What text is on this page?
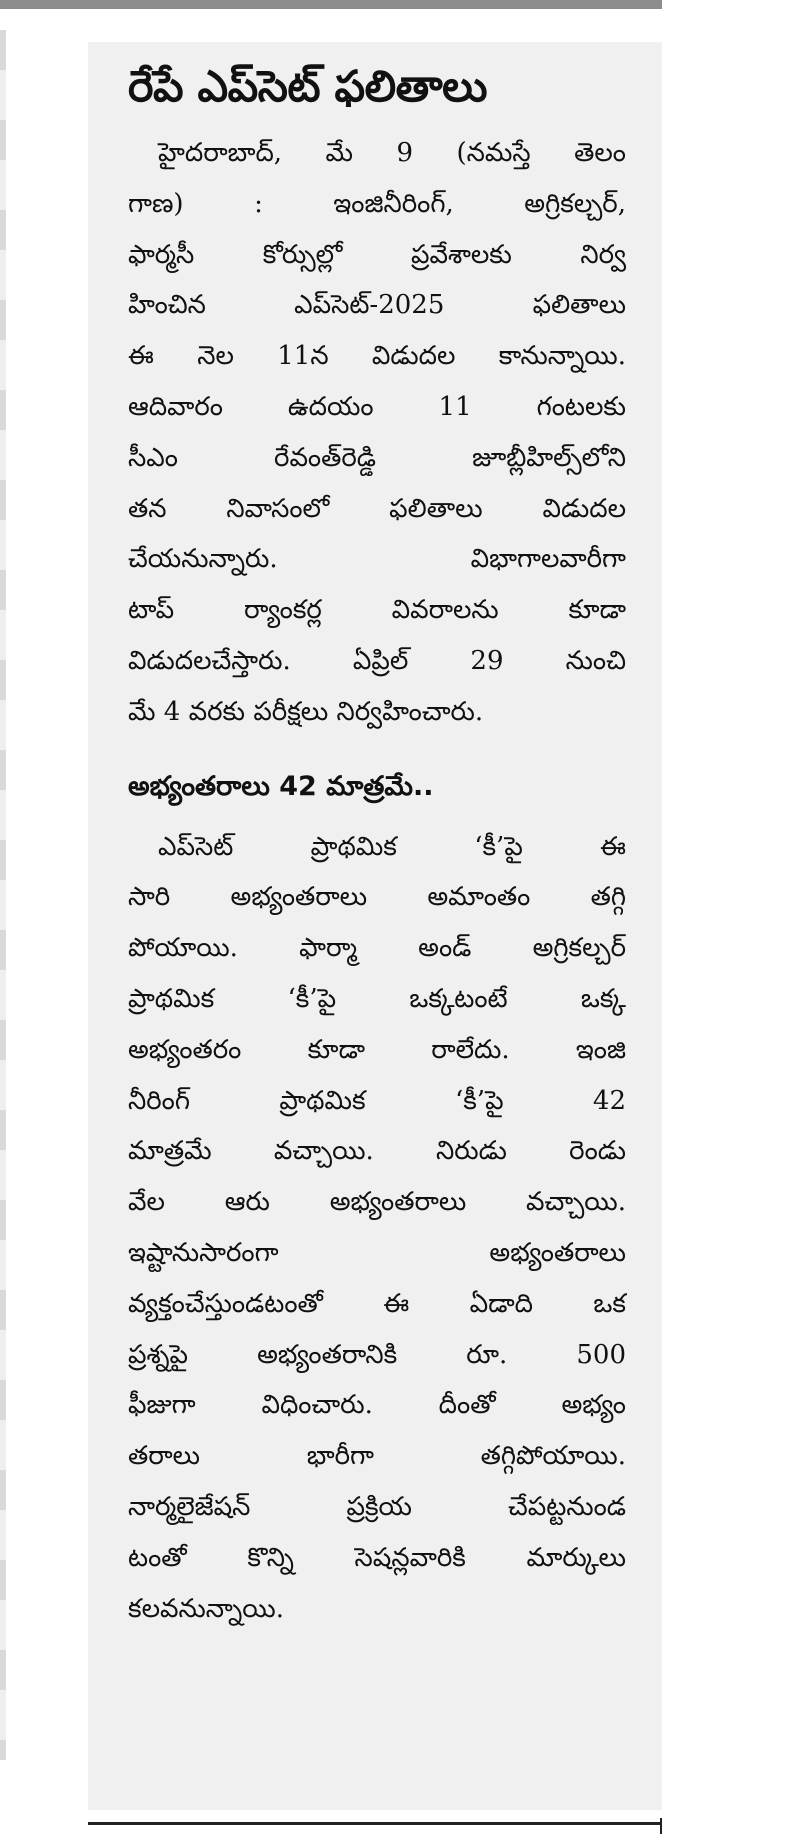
రేపే ఎప్‌సెట్‌ ఫలితాలు
హైదరాబాద్‌, మే 9 (నమస్తే తెలం
గాణ) : ఇంజినీరింగ్‌, అగ్రికల్చర్‌,
ఫార్మసీ కోర్సుల్లో ప్రవేశాలకు నిర్వ
హించిన ఎప్‌సెట్‌-2025 ఫలితాలు
ఈ నెల 11న విడుదల కానున్నాయి.
ఆదివారం ఉదయం 11 గంటలకు
సీఎం రేవంత్‌రెడ్డి జూబ్లీహిల్స్‌లోని
తన నివాసంలో ఫలితాలు విడుదల
చేయనున్నారు. విభాగాలవారీగా
టాప్‌ ర్యాంకర్ల వివరాలను కూడా
విడుదలచేస్తారు. ఏప్రిల్‌ 29 నుంచి
మే 4 వరకు పరీక్షలు నిర్వహించారు.
అభ్యంతరాలు 42 మాత్రమే..
ఎప్‌సెట్‌ ప్రాథమిక ‘కీ’పై ఈ
సారి అభ్యంతరాలు అమాంతం తగ్గి
పోయాయి. ఫార్మా అండ్‌ అగ్రికల్చర్‌
ప్రాథమిక ‘కీ’పై ఒక్కటంటే ఒక్క
అభ్యంతరం కూడా రాలేదు. ఇంజి
నీరింగ్‌ ప్రాథమిక ‘కీ’పై 42
మాత్రమే వచ్చాయి. నిరుడు రెండు
వేల ఆరు అభ్యంతరాలు వచ్చాయి.
ఇష్టానుసారంగా అభ్యంతరాలు
వ్యక్తంచేస్తుండటంతో ఈ ఏడాది ఒక
ప్రశ్నపై అభ్యంతరానికి రూ. 500
ఫీజుగా విధించారు. దీంతో అభ్యం
తరాలు భారీగా తగ్గిపోయాయి.
నార్మలైజేషన్‌ ప్రక్రియ చేపట్టనుండ
టంతో కొన్ని సెషన్లవారికి మార్కులు
కలవనున్నాయి.
